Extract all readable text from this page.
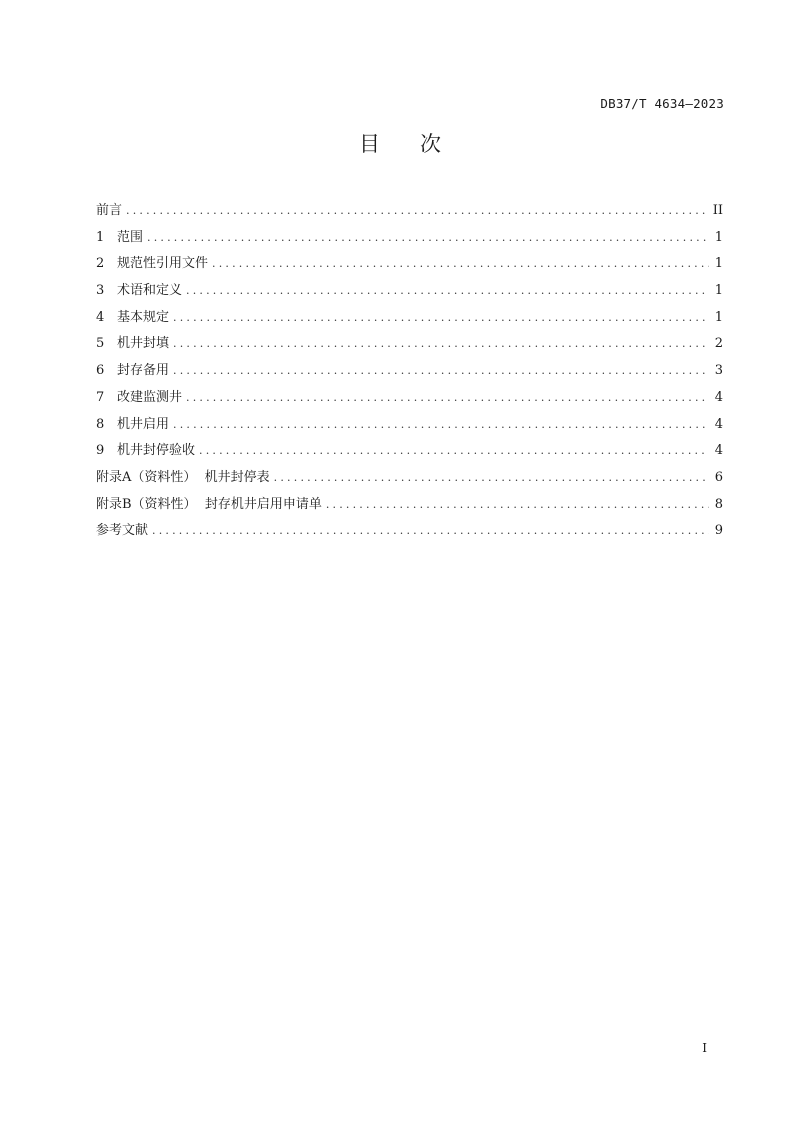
DB37/T 4634—2023
目次
前言 .....	II
1 范围 .....	1
2 规范性引用文件 .....	1
3 术语和定义 .....	1
4 基本规定 .....	1
5 机井封填 .....	2
6 封存备用 .....	3
7 改建监测井 .....	4
8 机井启用 .....	4
9 机井封停验收 .....	4
附录A（资料性）  机井封停表 .....	6
附录B（资料性）  封存机井启用申请单 .....	8
参考文献 .....	9
I
